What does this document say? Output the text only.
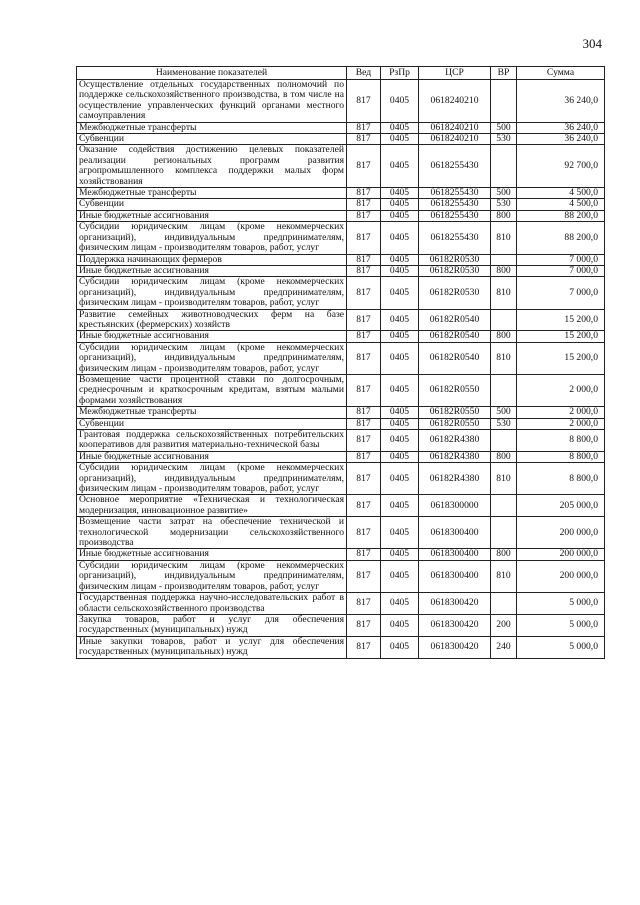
304
Наименование показателей	Вед	РзПр	ЦСР	ВР	Сумма
Осуществление отдельных государственных полномочий по поддержке сельскохозяйственного производства, в том числе на осуществление управленческих функций органами местного самоуправления	817	0405	0618240210		36 240,0
Межбюджетные трансферты	817	0405	0618240210	500	36 240,0
Субвенции	817	0405	0618240210	530	36 240,0
Оказание содействия достижению целевых показателей реализации региональных программ развития агропромышленного комплекса поддержки малых форм хозяйствования	817	0405	0618255430		92 700,0
Межбюджетные трансферты	817	0405	0618255430	500	4 500,0
Субвенции	817	0405	0618255430	530	4 500,0
Иные бюджетные ассигнования	817	0405	0618255430	800	88 200,0
Субсидии юридическим лицам (кроме некоммерческих организаций), индивидуальным предпринимателям, физическим лицам - производителям товаров, работ, услуг	817	0405	0618255430	810	88 200,0
Поддержка начинающих фермеров	817	0405	06182R0530		7 000,0
Иные бюджетные ассигнования	817	0405	06182R0530	800	7 000,0
Субсидии юридическим лицам (кроме некоммерческих организаций), индивидуальным предпринимателям, физическим лицам - производителям товаров, работ, услуг	817	0405	06182R0530	810	7 000,0
Развитие семейных животноводческих ферм на базе крестьянских (фермерских) хозяйств	817	0405	06182R0540		15 200,0
Иные бюджетные ассигнования	817	0405	06182R0540	800	15 200,0
Субсидии юридическим лицам (кроме некоммерческих организаций), индивидуальным предпринимателям, физическим лицам - производителям товаров, работ, услуг	817	0405	06182R0540	810	15 200,0
Возмещение части процентной ставки по долгосрочным, среднесрочным и краткосрочным кредитам, взятым малыми формами хозяйствования	817	0405	06182R0550		2 000,0
Межбюджетные трансферты	817	0405	06182R0550	500	2 000,0
Субвенции	817	0405	06182R0550	530	2 000,0
Грантовая поддержка сельскохозяйственных потребительских кооперативов для развития материально-технической базы	817	0405	06182R4380		8 800,0
Иные бюджетные ассигнования	817	0405	06182R4380	800	8 800,0
Субсидии юридическим лицам (кроме некоммерческих организаций), индивидуальным предпринимателям, физическим лицам - производителям товаров, работ, услуг	817	0405	06182R4380	810	8 800,0
Основное мероприятие «Техническая и технологическая модернизация, инновационное развитие»	817	0405	0618300000		205 000,0
Возмещение части затрат на обеспечение технической и технологической модернизации сельскохозяйственного производства	817	0405	0618300400		200 000,0
Иные бюджетные ассигнования	817	0405	0618300400	800	200 000,0
Субсидии юридическим лицам (кроме некоммерческих организаций), индивидуальным предпринимателям, физическим лицам - производителям товаров, работ, услуг	817	0405	0618300400	810	200 000,0
Государственная поддержка научно-исследовательских работ в области сельскохозяйственного производства	817	0405	0618300420		5 000,0
Закупка товаров, работ и услуг для обеспечения государственных (муниципальных) нужд	817	0405	0618300420	200	5 000,0
Иные закупки товаров, работ и услуг для обеспечения государственных (муниципальных) нужд	817	0405	0618300420	240	5 000,0
